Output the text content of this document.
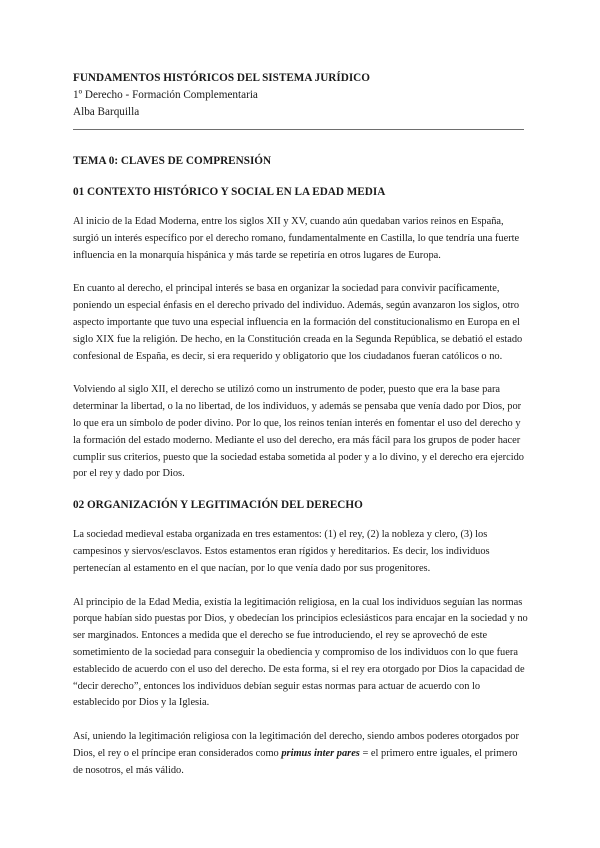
FUNDAMENTOS HISTÓRICOS DEL SISTEMA JURÍDICO

1º Derecho - Formación Complementaria

Alba Barquilla

TEMA 0: CLAVES DE COMPRENSIÓN

01 CONTEXTO HISTÓRICO Y SOCIAL EN LA EDAD MEDIA

Al inicio de la Edad Moderna, entre los siglos XII y XV, cuando aún quedaban varios reinos en España, surgió un interés específico por el derecho romano, fundamentalmente en Castilla, lo que tendría una fuerte influencia en la monarquía hispánica y más tarde se repetiría en otros lugares de Europa.

En cuanto al derecho, el principal interés se basa en organizar la sociedad para convivir pacíficamente, poniendo un especial énfasis en el derecho privado del individuo. Además, según avanzaron los siglos, otro aspecto importante que tuvo una especial influencia en la formación del constitucionalismo en Europa en el siglo XIX fue la religión. De hecho, en la Constitución creada en la Segunda República, se debatió el estado confesional de España, es decir, si era requerido y obligatorio que los ciudadanos fueran católicos o no.

Volviendo al siglo XII, el derecho se utilizó como un instrumento de poder, puesto que era la base para determinar la libertad, o la no libertad, de los individuos, y además se pensaba que venía dado por Dios, por lo que era un símbolo de poder divino. Por lo que, los reinos tenían interés en fomentar el uso del derecho y la formación del estado moderno. Mediante el uso del derecho, era más fácil para los grupos de poder hacer cumplir sus criterios, puesto que la sociedad estaba sometida al poder y a lo divino, y el derecho era ejercido por el rey y dado por Dios.

02 ORGANIZACIÓN Y LEGITIMACIÓN DEL DERECHO

La sociedad medieval estaba organizada en tres estamentos: (1) el rey, (2) la nobleza y clero, (3) los campesinos y siervos/esclavos. Estos estamentos eran rígidos y hereditarios. Es decir, los individuos pertenecían al estamento en el que nacían, por lo que venía dado por sus progenitores.

Al principio de la Edad Media, existía la legitimación religiosa, en la cual los individuos seguían las normas porque habían sido puestas por Dios, y obedecían los principios eclesiásticos para encajar en la sociedad y no ser marginados. Entonces a medida que el derecho se fue introduciendo, el rey se aprovechó de este sometimiento de la sociedad para conseguir la obediencia y compromiso de los individuos con lo que fuera establecido de acuerdo con el uso del derecho. De esta forma, si el rey era otorgado por Dios la capacidad de “decir derecho”, entonces los individuos debían seguir estas normas para actuar de acuerdo con lo establecido por Dios y la Iglesia.

Así, uniendo la legitimación religiosa con la legitimación del derecho, siendo ambos poderes otorgados por Dios, el rey o el príncipe eran considerados como primus inter pares = el primero entre iguales, el primero de nosotros, el más válido.
